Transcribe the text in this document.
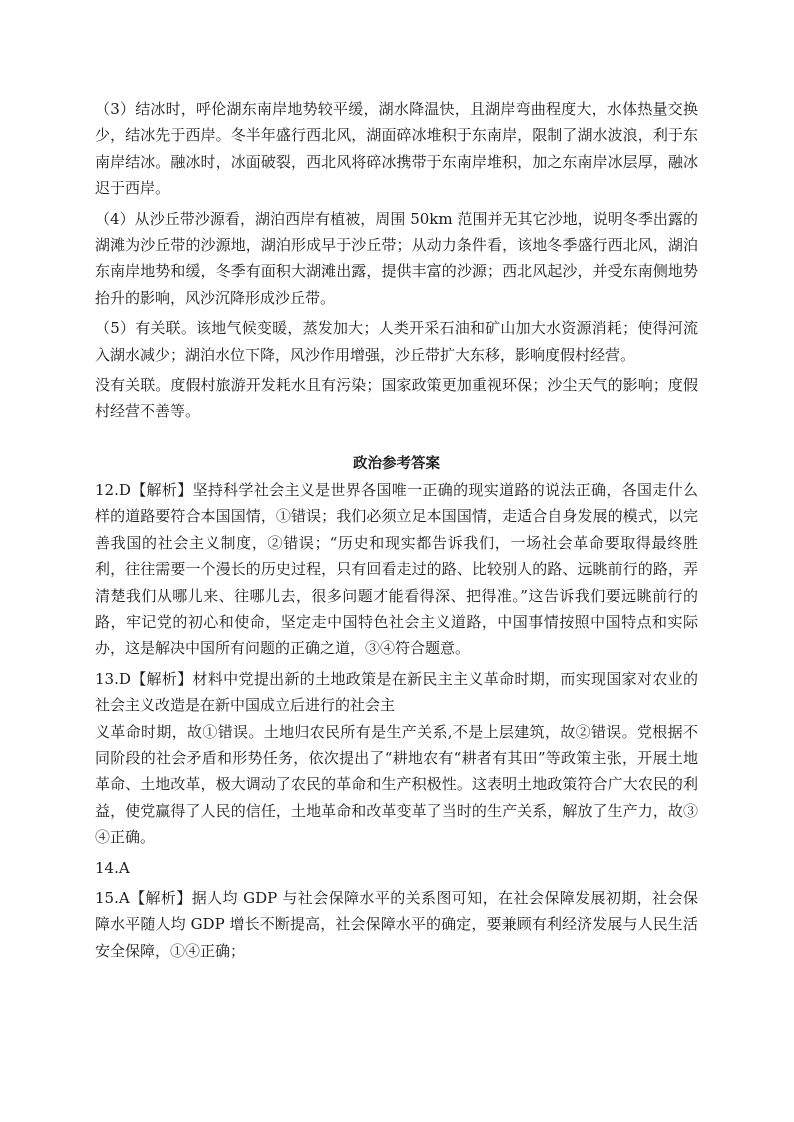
（3）结冰时，呼伦湖东南岸地势较平缓，湖水降温快，且湖岸弯曲程度大，水体热量交换少，结冰先于西岸。冬半年盛行西北风，湖面碎冰堆积于东南岸，限制了湖水波浪，利于东南岸结冰。融冰时，冰面破裂，西北风将碎冰携带于东南岸堆积，加之东南岸冰层厚，融冰迟于西岸。

（4）从沙丘带沙源看，湖泊西岸有植被，周围 50km 范围并无其它沙地，说明冬季出露的湖滩为沙丘带的沙源地，湖泊形成早于沙丘带；从动力条件看，该地冬季盛行西北风，湖泊东南岸地势和缓，冬季有面积大湖滩出露，提供丰富的沙源；西北风起沙，并受东南侧地势抬升的影响，风沙沉降形成沙丘带。

（5）有关联。该地气候变暖，蒸发加大；人类开采石油和矿山加大水资源消耗；使得河流入湖水减少；湖泊水位下降，风沙作用增强，沙丘带扩大东移，影响度假村经营。

没有关联。度假村旅游开发耗水且有污染；国家政策更加重视环保；沙尘天气的影响；度假村经营不善等。

政治参考答案

12.D【解析】坚持科学社会主义是世界各国唯一正确的现实道路的说法正确，各国走什么样的道路要符合本国国情，①错误；我们必须立足本国国情，走适合自身发展的模式，以完善我国的社会主义制度，②错误；“历史和现实都告诉我们，一场社会革命要取得最终胜利，往往需要一个漫长的历史过程，只有回看走过的路、比较别人的路、远眺前行的路，弄清楚我们从哪儿来、往哪儿去，很多问题才能看得深、把得准。”这告诉我们要远眺前行的路，牢记党的初心和使命，坚定走中国特色社会主义道路，中国事情按照中国特点和实际办，这是解决中国所有问题的正确之道，③④符合题意。

13.D【解析】材料中党提出新的土地政策是在新民主主义革命时期，而实现国家对农业的社会主义改造是在新中国成立后进行的社会主

义革命时期，故①错误。土地归农民所有是生产关系,不是上层建筑，故②错误。党根据不同阶段的社会矛盾和形势任务，依次提出了“耕地农有“耕者有其田”等政策主张，开展土地革命、土地改革，极大调动了农民的革命和生产积极性。这表明土地政策符合广大农民的利益，使党赢得了人民的信任，土地革命和改革变革了当时的生产关系，解放了生产力，故③④正确。

14.A

15.A【解析】据人均 GDP 与社会保障水平的关系图可知，在社会保障发展初期，社会保障水平随人均 GDP 增长不断提高，社会保障水平的确定，要兼顾有利经济发展与人民生活安全保障，①④正确；
